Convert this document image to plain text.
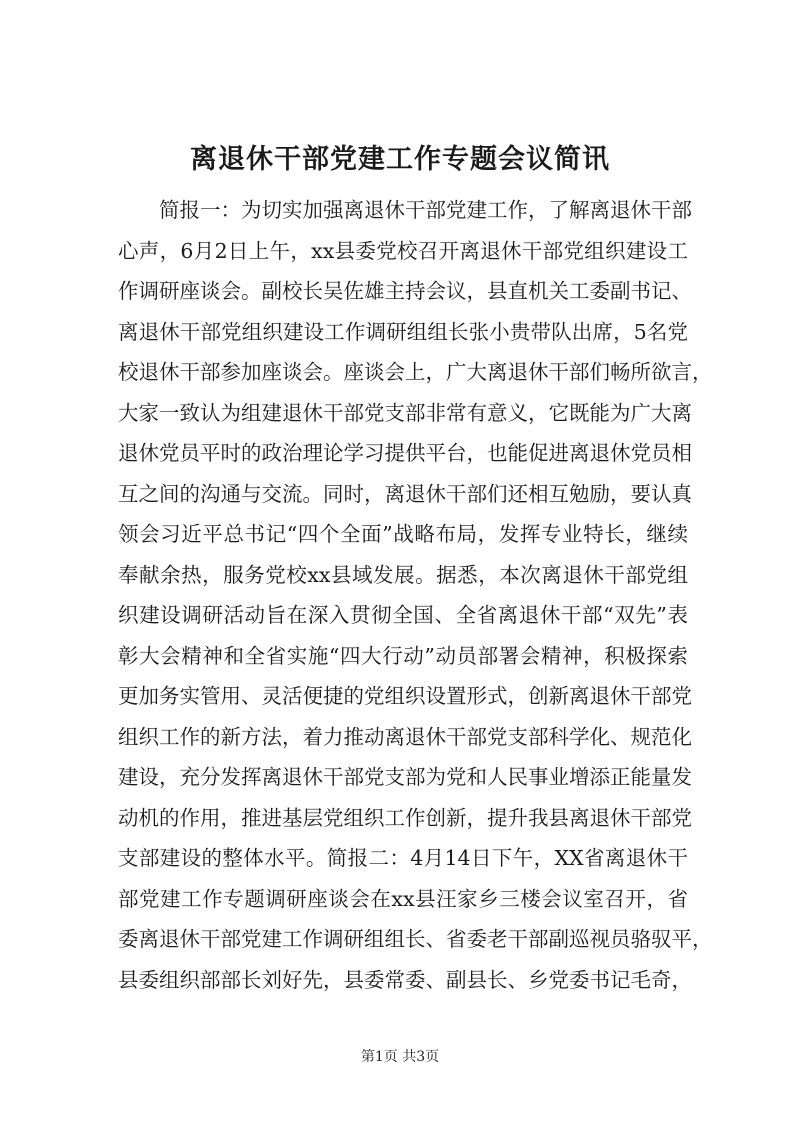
离退休干部党建工作专题会议简讯
简报一：为切实加强离退休干部党建工作，了解离退休干部
心声，6月2日上午，xx县委党校召开离退休干部党组织建设工
作调研座谈会。副校长吴佐雄主持会议，县直机关工委副书记、
离退休干部党组织建设工作调研组组长张小贵带队出席，5名党
校退休干部参加座谈会。座谈会上，广大离退休干部们畅所欲言，
大家一致认为组建退休干部党支部非常有意义，它既能为广大离
退休党员平时的政治理论学习提供平台，也能促进离退休党员相
互之间的沟通与交流。同时，离退休干部们还相互勉励，要认真
领会习近平总书记“四个全面”战略布局，发挥专业特长，继续
奉献余热，服务党校xx县域发展。据悉，本次离退休干部党组
织建设调研活动旨在深入贯彻全国、全省离退休干部“双先”表
彰大会精神和全省实施“四大行动”动员部署会精神，积极探索
更加务实管用、灵活便捷的党组织设置形式，创新离退休干部党
组织工作的新方法，着力推动离退休干部党支部科学化、规范化
建设，充分发挥离退休干部党支部为党和人民事业增添正能量发
动机的作用，推进基层党组织工作创新，提升我县离退休干部党
支部建设的整体水平。简报二：4月14日下午，XX省离退休干
部党建工作专题调研座谈会在xx县汪家乡三楼会议室召开，省
委离退休干部党建工作调研组组长、省委老干部副巡视员骆驭平，
县委组织部部长刘好先，县委常委、副县长、乡党委书记毛奇，
第1页 共3页
